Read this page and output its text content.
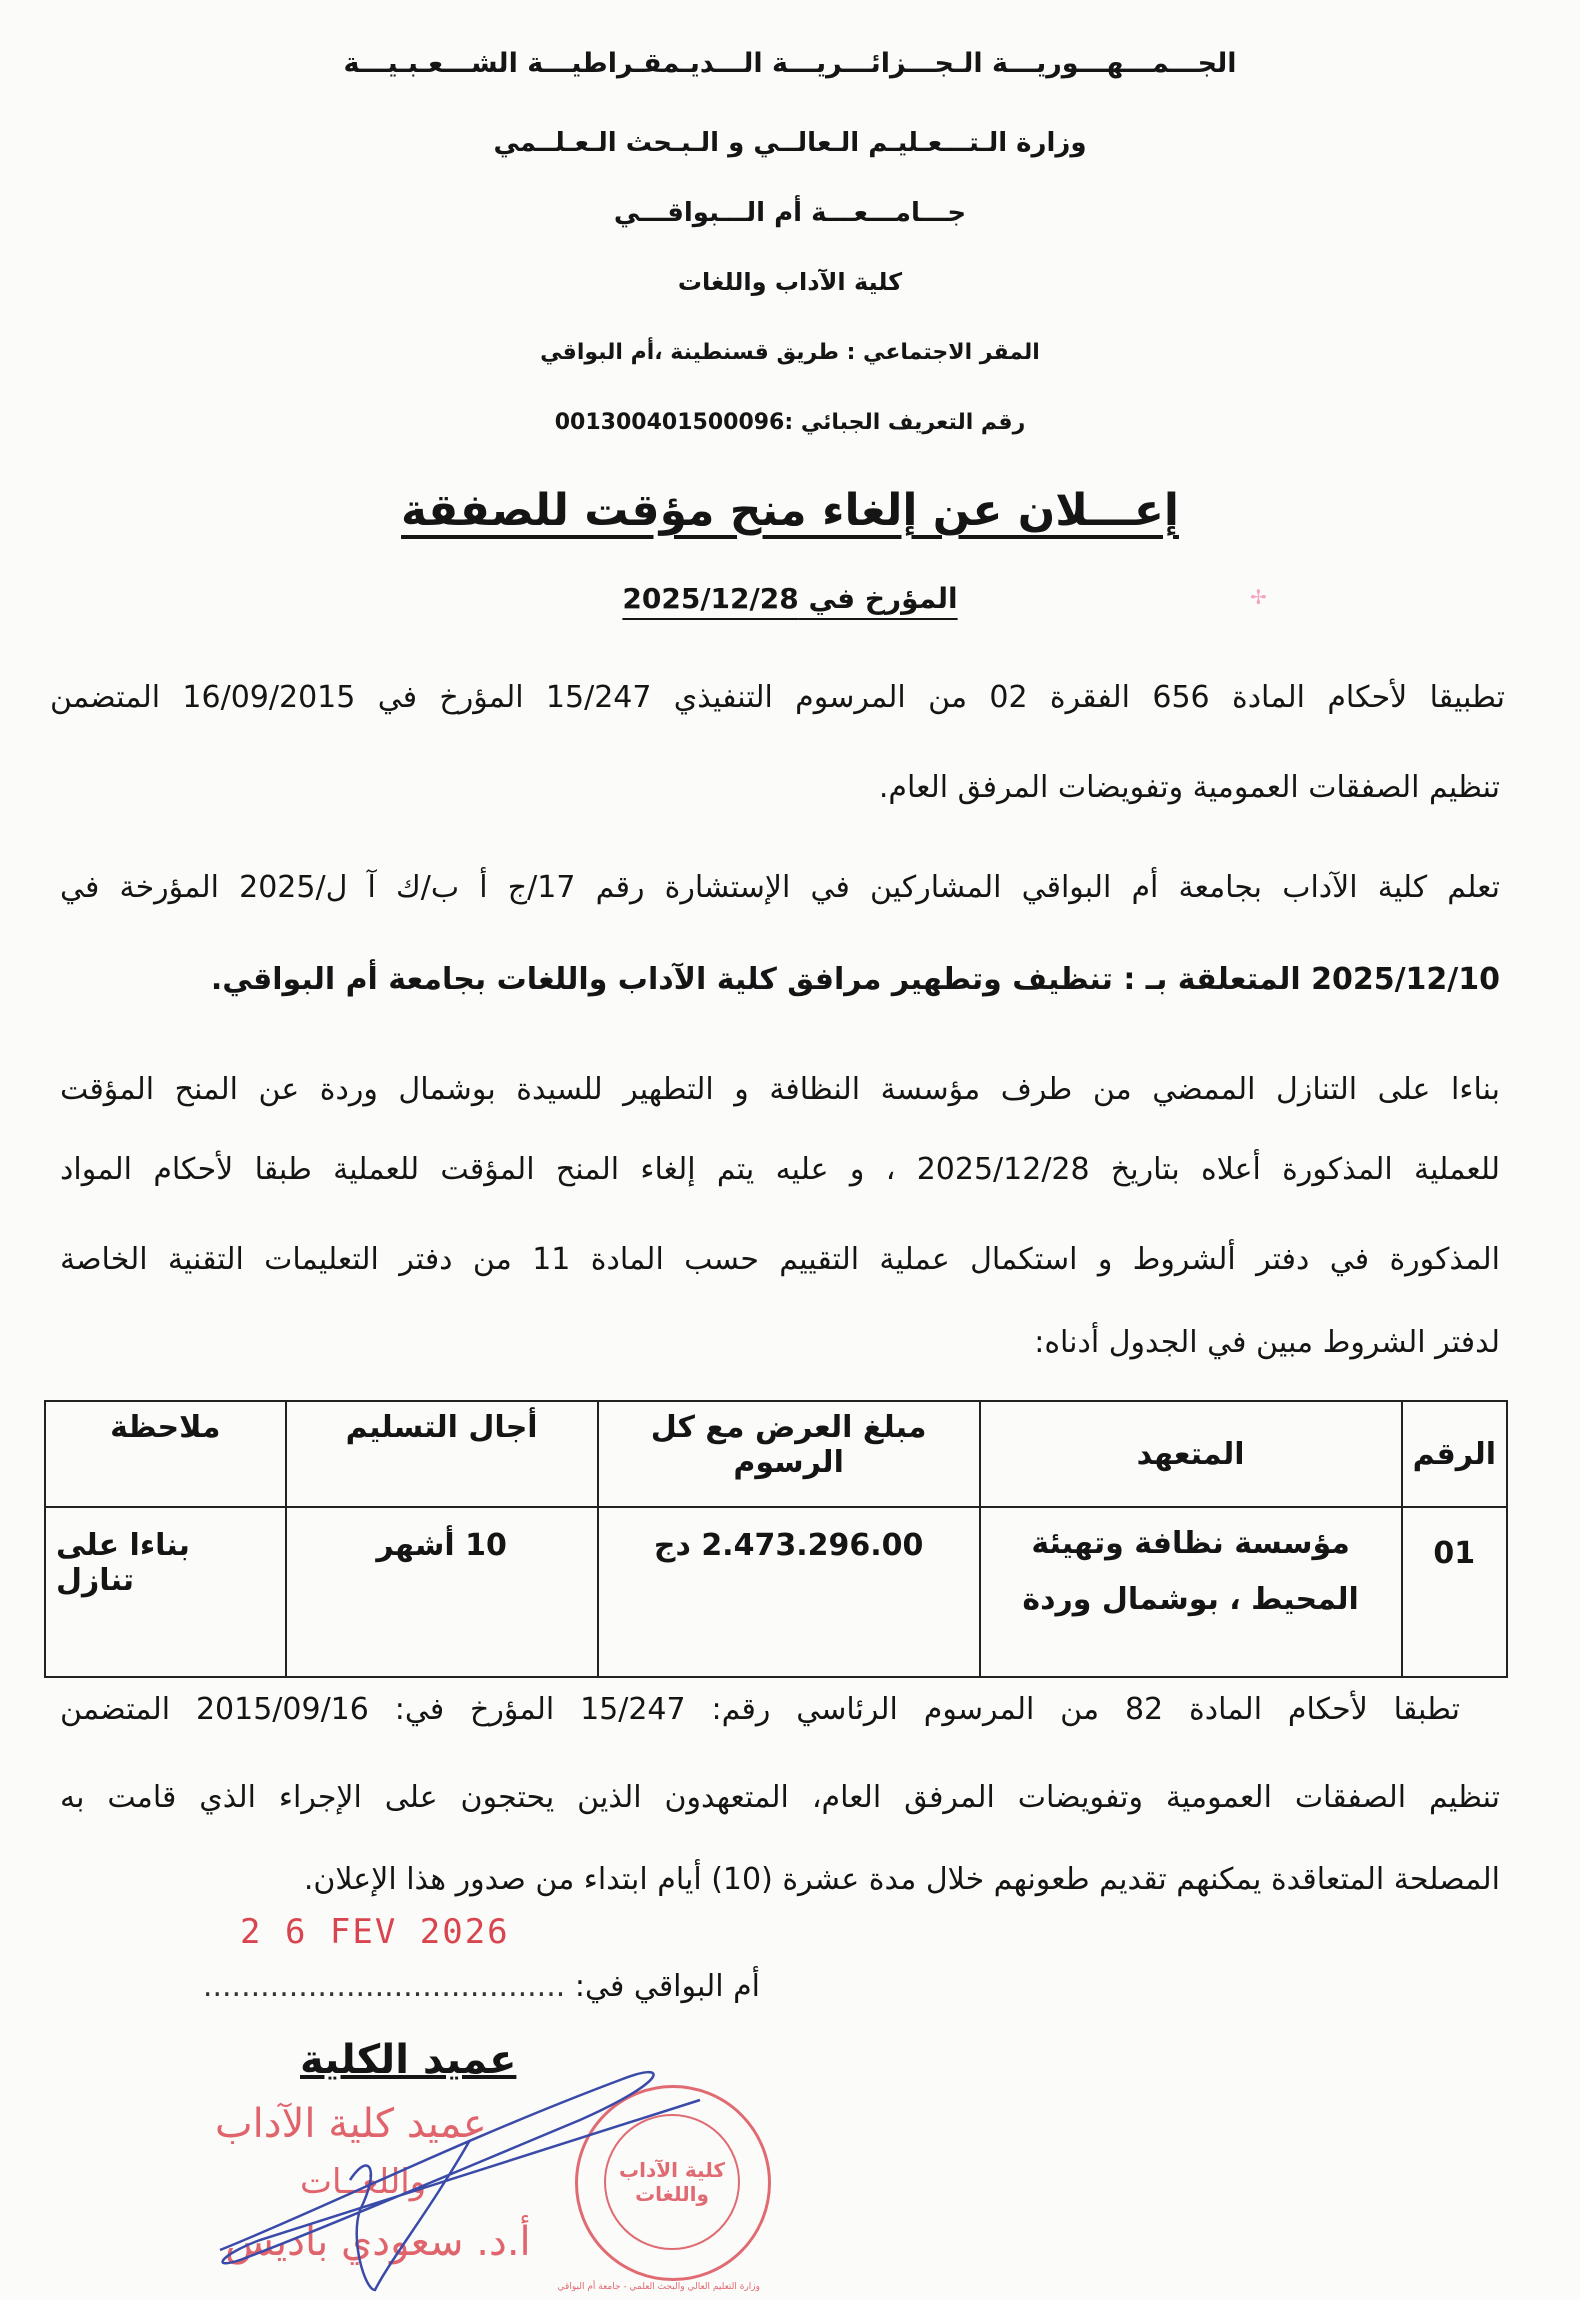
الجـــمـــهـــوريـــة الـجـــزائـــريـــة الـــديـمقـراطيـــة الشـــعـبـيـــة
وزارة الـتـــعـليـم الـعالــي و الـبـحث الـعـلــمي
جـــامـــعـــة أم الـــبواقـــي
كلية الآداب واللغات
المقر الاجتماعي : طريق قسنطينة ،أم البواقي
رقم التعريف الجبائي :001300401500096
إعـــلان عن إلغاء منح مؤقت للصفقة
المؤرخ في 2025/12/28	✢
تطبيقا لأحكام المادة 656 الفقرة 02 من المرسوم التنفيذي 15/247 المؤرخ في 16/09/2015 المتضمن
تنظيم الصفقات العمومية وتفويضات المرفق العام.
تعلم كلية الآداب بجامعة أم البواقي المشاركين في الإستشارة رقم 17/ج أ ب/ك آ ل/2025 المؤرخة في
2025/12/10 المتعلقة بـ : تنظيف وتطهير مرافق كلية الآداب واللغات بجامعة أم البواقي.
بناءا على التنازل الممضي من طرف مؤسسة النظافة و التطهير للسيدة بوشمال وردة عن المنح المؤقت
للعملية المذكورة أعلاه بتاريخ 2025/12/28 ، و عليه يتم إلغاء المنح المؤقت للعملية طبقا لأحكام المواد
المذكورة في دفتر ألشروط و استكمال عملية التقييم حسب المادة 11 من دفتر التعليمات التقنية الخاصة
لدفتر الشروط مبين في الجدول أدناه:
الرقم	المتعهد	مبلغ العرض مع كل الرسوم	أجال التسليم	ملاحظة
01	مؤسسة نظافة وتهيئة المحيط ، بوشمال وردة	2.473.296.00 دج	10 أشهر	بناءا على تنازل
تطبقا لأحكام المادة 82 من المرسوم الرئاسي رقم: 15/247 المؤرخ في: 2015/09/16 المتضمن
تنظيم الصفقات العمومية وتفويضات المرفق العام، المتعهدون الذين يحتجون على الإجراء الذي قامت به
المصلحة المتعاقدة يمكنهم تقديم طعونهم خلال مدة عشرة (10) أيام ابتداء من صدور هذا الإعلان.
2 6 FEV 2026
أم البواقي في: ......................................
عميد الكلية
عميد كلية الآداب
واللغــات
أ.د. سعودي باديس
كلية الآداب واللغات
وزارة التعليم العالي والبحث العلمي - جامعة أم البواقي
